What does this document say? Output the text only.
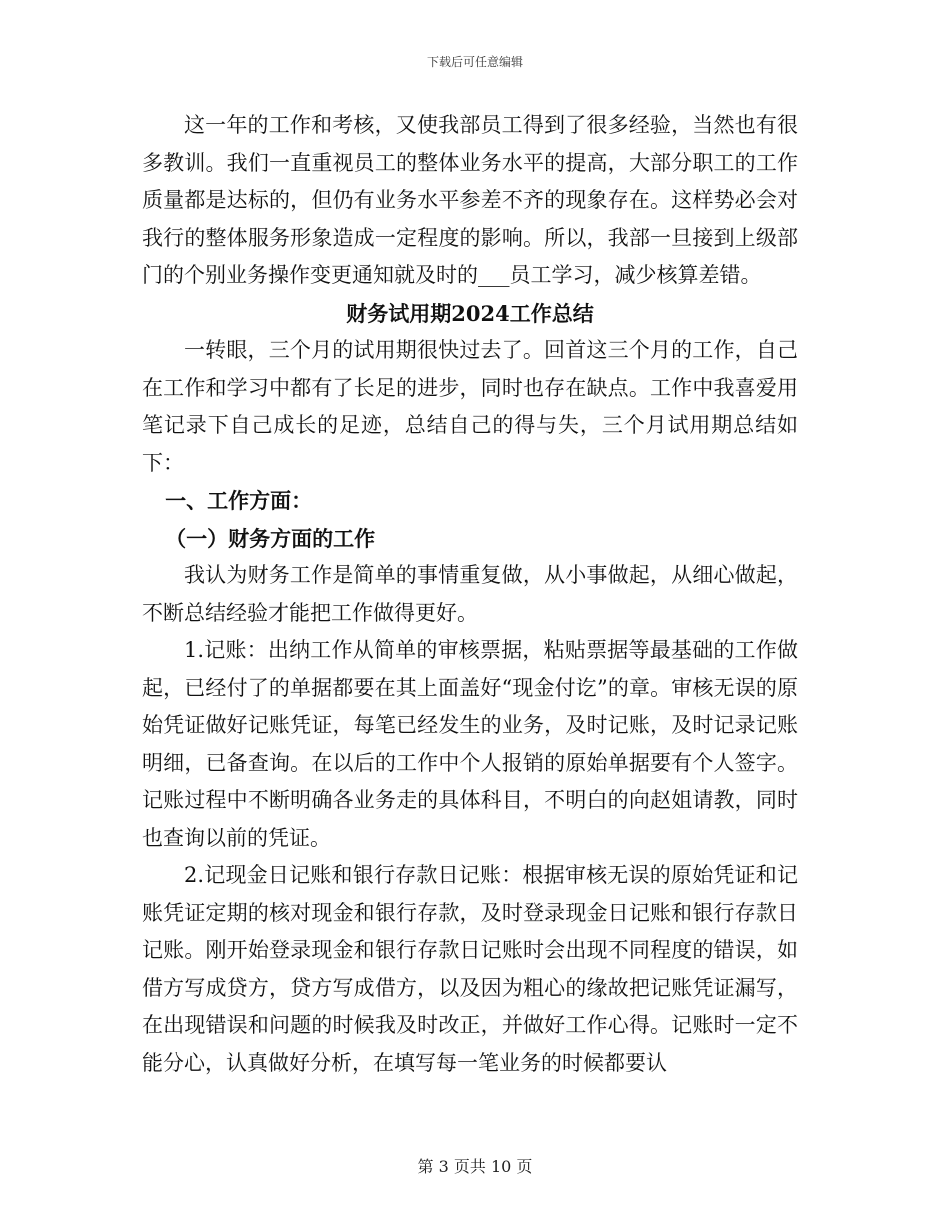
下载后可任意编辑

这一年的工作和考核，又使我部员工得到了很多经验，当然也有很多教训。我们一直重视员工的整体业务水平的提高，大部分职工的工作质量都是达标的，但仍有业务水平参差不齐的现象存在。这样势必会对我行的整体服务形象造成一定程度的影响。所以，我部一旦接到上级部门的个别业务操作变更通知就及时的___员工学习，减少核算差错。

财务试用期2024工作总结

一转眼，三个月的试用期很快过去了。回首这三个月的工作，自己在工作和学习中都有了长足的进步，同时也存在缺点。工作中我喜爱用笔记录下自己成长的足迹，总结自己的得与失，三个月试用期总结如下：

一、工作方面：

（一）财务方面的工作

我认为财务工作是简单的事情重复做，从小事做起，从细心做起，不断总结经验才能把工作做得更好。

1.记账：出纳工作从简单的审核票据，粘贴票据等最基础的工作做起，已经付了的单据都要在其上面盖好“现金付讫”的章。审核无误的原始凭证做好记账凭证，每笔已经发生的业务，及时记账，及时记录记账明细，已备查询。在以后的工作中个人报销的原始单据要有个人签字。记账过程中不断明确各业务走的具体科目，不明白的向赵姐请教，同时也查询以前的凭证。

2.记现金日记账和银行存款日记账：根据审核无误的原始凭证和记账凭证定期的核对现金和银行存款，及时登录现金日记账和银行存款日记账。刚开始登录现金和银行存款日记账时会出现不同程度的错误，如借方写成贷方，贷方写成借方，以及因为粗心的缘故把记账凭证漏写，在出现错误和问题的时候我及时改正，并做好工作心得。记账时一定不能分心，认真做好分析，在填写每一笔业务的时候都要认

第 3 页共 10 页
